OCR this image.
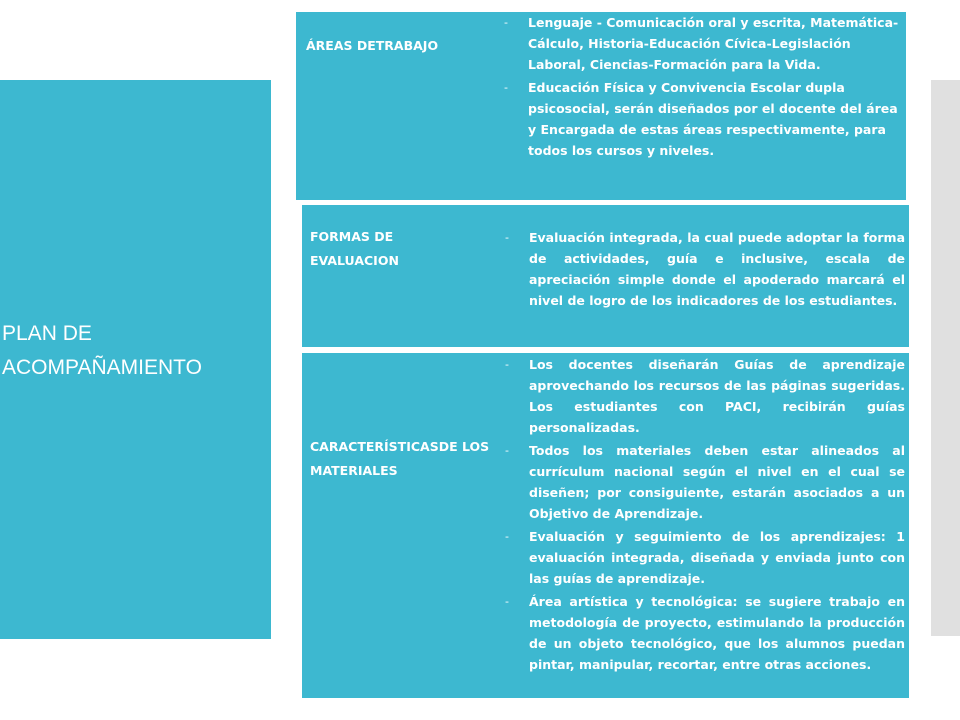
PLAN DE
ACOMPAÑAMIENTO
ÁREAS DETRABAJO
- Lenguaje - Comunicación oral y escrita, Matemática-Cálculo, Historia-Educación Cívica-Legislación Laboral, Ciencias-Formación para la Vida.
- Educación Física y Convivencia Escolar dupla psicosocial, serán diseñados por el docente del área y Encargada de estas áreas respectivamente, para todos los cursos y niveles.
FORMAS DE EVALUACION
- Evaluación integrada, la cual puede adoptar la forma de actividades, guía e inclusive, escala de apreciación simple donde el apoderado marcará el nivel de logro de los indicadores de los estudiantes.
CARACTERÍSTICASDE LOS MATERIALES
- Los docentes diseñarán Guías de aprendizaje aprovechando los recursos de las páginas sugeridas. Los estudiantes con PACI, recibirán guías personalizadas.
- Todos los materiales deben estar alineados al currículum nacional según el nivel en el cual se diseñen; por consiguiente, estarán asociados a un Objetivo de Aprendizaje.
- Evaluación y seguimiento de los aprendizajes: 1 evaluación integrada, diseñada y enviada junto con las guías de aprendizaje.
- Área artística y tecnológica: se sugiere trabajo en metodología de proyecto, estimulando la producción de un objeto tecnológico, que los alumnos puedan pintar, manipular, recortar, entre otras acciones.
